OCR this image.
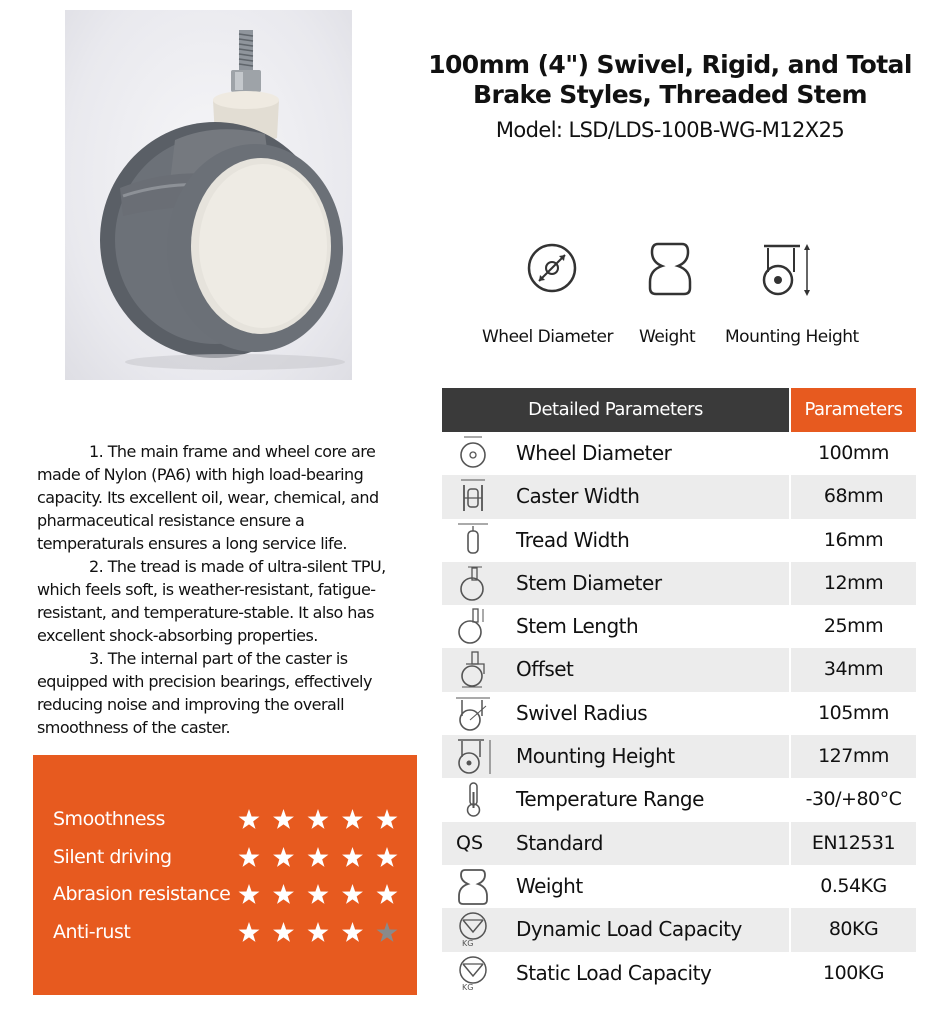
100mm (4") Swivel, Rigid, and Total Brake Styles, Threaded Stem
Model: LSD/LDS-100B-WG-M12X25
Wheel Diameter Weight Mounting Height

1. The main frame and wheel core are made of Nylon (PA6) with high load-bearing capacity. Its excellent oil, wear, chemical, and pharmaceutical resistance ensure a temperaturals ensures a long service life.

2. The tread is made of ultra-silent TPU, which feels soft, is weather-resistant, fatigue-resistant, and temperature-stable. It also has excellent shock-absorbing properties.

3. The internal part of the caster is equipped with precision bearings, effectively reducing noise and improving the overall smoothness of the caster.

Smoothness
Silent driving
Abrasion resistance
Anti-rust
Detailed Parameters	Parameters
Wheel Diameter	100mm
Caster Width	68mm
Tread Width	16mm
Stem Diameter	12mm
Stem Length	25mm
Offset	34mm
Swivel Radius	105mm
Mounting Height	127mm
Temperature Range	-30/+80°C
QS Standard	EN12531
Weight	0.54KG
KG
Dynamic Load Capacity	80KG
KG
Static Load Capacity	100KG
